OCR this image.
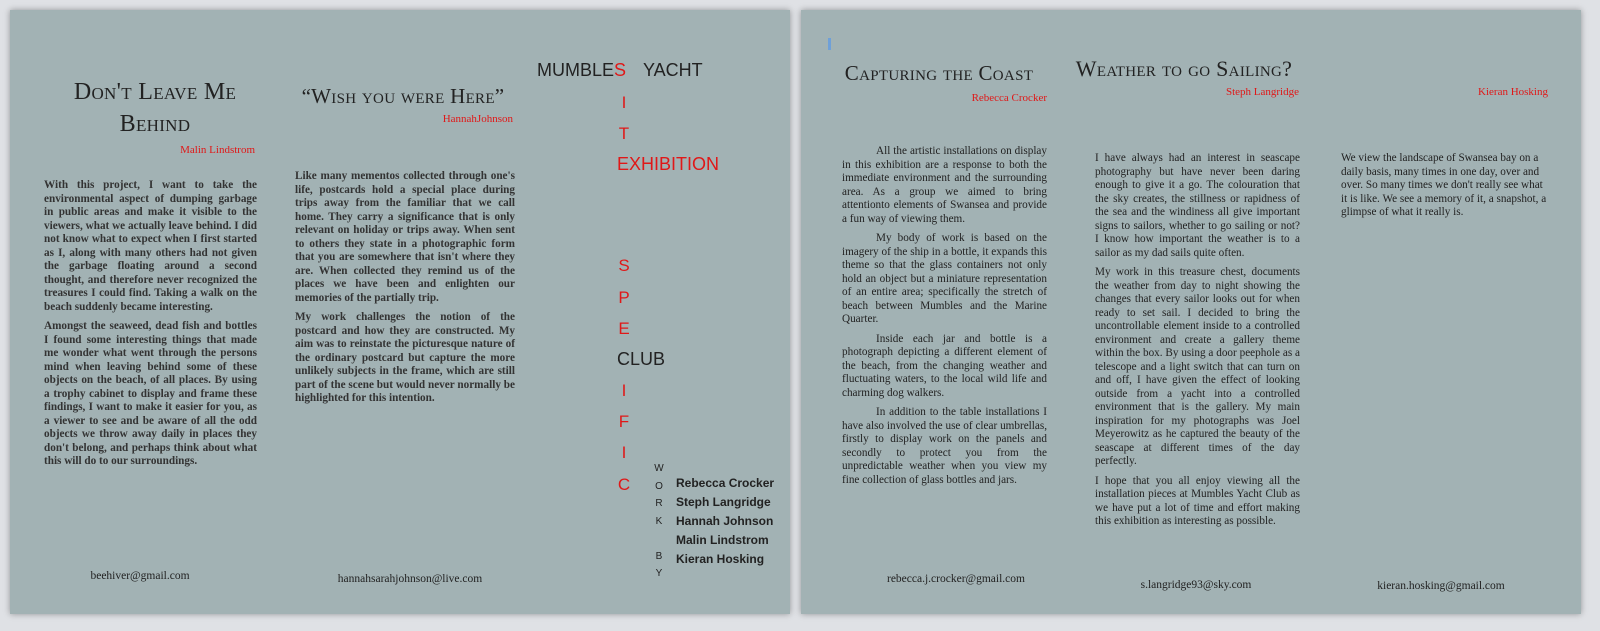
Don't Leave Me Behind
Malin Lindstrom

With this project, I want to take the environmental aspect of dumping garbage in public areas and make it visible to the viewers, what we actually leave behind. I did not know what to expect when I first started as I, along with many others had not given the garbage floating around a second thought, and therefore never recognized the treasures I could find. Taking a walk on the beach suddenly became interesting.

Amongst the seaweed, dead fish and bottles I found some interesting things that made me wonder what went through the persons mind when leaving behind some of these objects on the beach, of all places. By using a trophy cabinet to display and frame these findings, I want to make it easier for you, as a viewer to see and be aware of all the odd objects we throw away daily in places they don't belong, and perhaps think about what this will do to our surroundings.

beehiver@gmail.com
“Wish you were Here”
HannahJohnson

Like many mementos collected through one's life, postcards hold a special place during trips away from the familiar that we call home. They carry a significance that is only relevant on holiday or trips away. When sent to others they state in a photographic form that you are somewhere that isn't where they are. When collected they remind us of the places we have been and enlighten our memories of the partially trip.

My work challenges the notion of the postcard and how they are constructed. My aim was to reinstate the picturesque nature of the ordinary postcard but capture the more unlikely subjects in the frame, which are still part of the scene but would never normally be highlighted for this intention.

hannahsarahjohnson@live.com
MUMBLES YACHT
I
T
EXHIBITION
S
P
E
CLUB
I
F
I
C
W
O
R
K
B
Y
Rebecca Crocker
Steph Langridge
Hannah Johnson
Malin Lindstrom
Kieran Hosking
Capturing the Coast
Rebecca Crocker

All the artistic installations on display in this exhibition are a response to both the immediate environment and the surrounding area. As a group we aimed to bring attentionto elements of Swansea and provide a fun way of viewing them.

My body of work is based on the imagery of the ship in a bottle, it expands this theme so that the glass containers not only hold an object but a miniature representation of an entire area; specifically the stretch of beach between Mumbles and the Marine Quarter.

Inside each jar and bottle is a photograph depicting a different element of the beach, from the changing weather and fluctuating waters, to the local wild life and charming dog walkers.

In addition to the table installations I have also involved the use of clear umbrellas, firstly to display work on the panels and secondly to protect you from the unpredictable weather when you view my fine collection of glass bottles and jars.

rebecca.j.crocker@gmail.com
Weather to go Sailing?
Steph Langridge

I have always had an interest in seascape photography but have never been daring enough to give it a go. The colouration that the sky creates, the stillness or rapidness of the sea and the windiness all give important signs to sailors, whether to go sailing or not? I know how important the weather is to a sailor as my dad sails quite often.

My work in this treasure chest, documents the weather from day to night showing the changes that every sailor looks out for when ready to set sail. I decided to bring the uncontrollable element inside to a controlled environment and create a gallery theme within the box. By using a door peephole as a telescope and a light switch that can turn on and off, I have given the effect of looking outside from a yacht into a controlled environment that is the gallery. My main inspiration for my photographs was Joel Meyerowitz as he captured the beauty of the seascape at different times of the day perfectly.

I hope that you all enjoy viewing all the installation pieces at Mumbles Yacht Club as we have put a lot of time and effort making this exhibition as interesting as possible.

s.langridge93@sky.com
Kieran Hosking

We view the landscape of Swansea bay on a daily basis, many times in one day, over and over. So many times we don't really see what it is like. We see a memory of it, a snapshot, a glimpse of what it really is.

kieran.hosking@gmail.com
